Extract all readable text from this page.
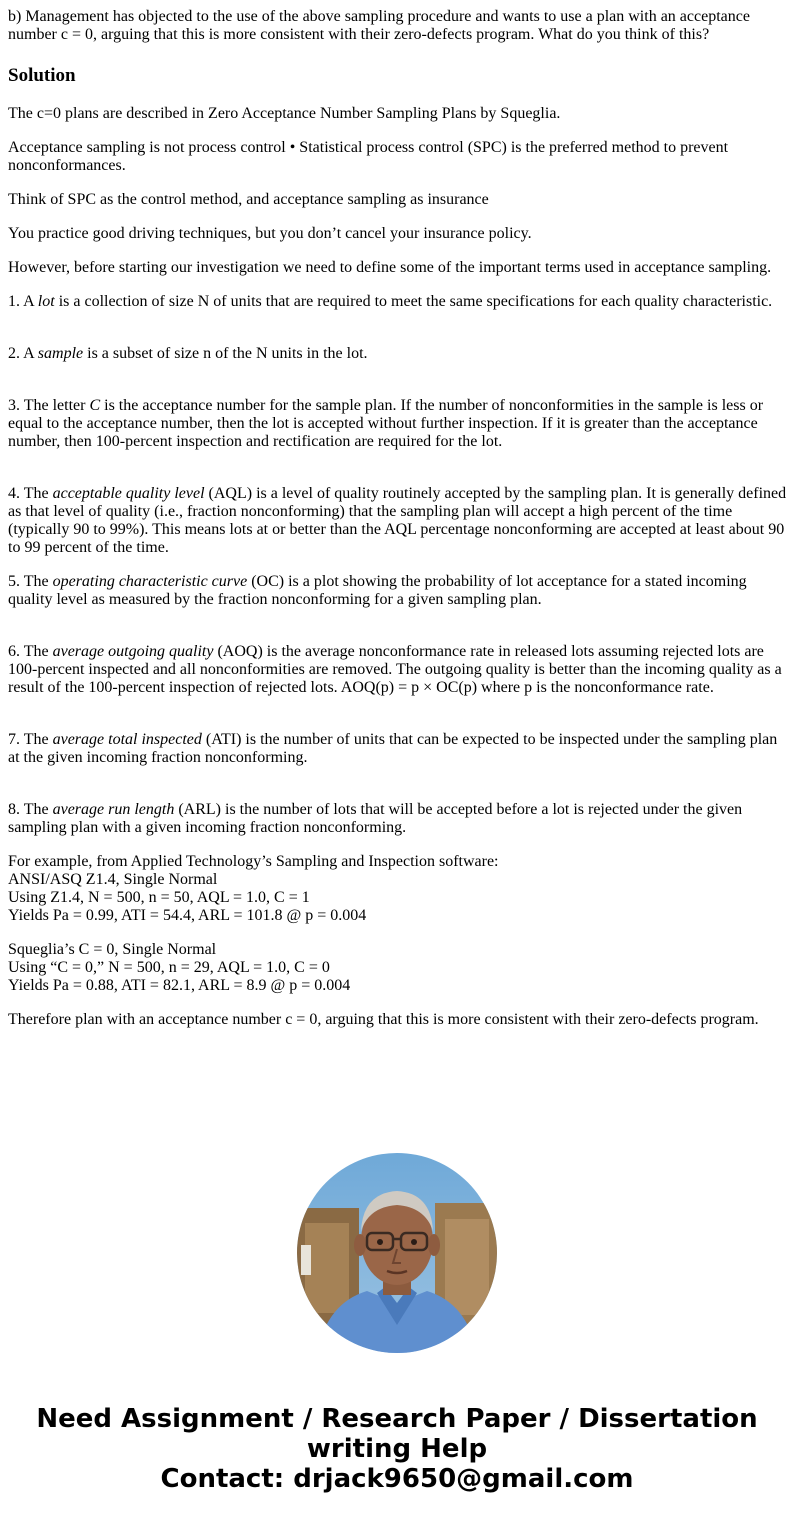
b) Management has objected to the use of the above sampling procedure and wants to use a plan with an acceptance number c = 0, arguing that this is more consistent with their zero-defects program. What do you think of this?

Solution

The c=0 plans are described in Zero Acceptance Number Sampling Plans by Squeglia.

Acceptance sampling is not process control • Statistical process control (SPC) is the preferred method to prevent nonconformances.

Think of SPC as the control method, and acceptance sampling as insurance

You practice good driving techniques, but you don’t cancel your insurance policy.

However, before starting our investigation we need to define some of the important terms used in acceptance sampling.

1. A lot is a collection of size N of units that are required to meet the same specifications for each quality characteristic.
2. A sample is a subset of size n of the N units in the lot.
3. The letter C is the acceptance number for the sample plan. If the number of nonconformities in the sample is less or equal to the acceptance number, then the lot is accepted without further inspection. If it is greater than the acceptance number, then 100-percent inspection and rectification are required for the lot.

4. The acceptable quality level (AQL) is a level of quality routinely accepted by the sampling plan. It is generally defined as that level of quality (i.e., fraction nonconforming) that the sampling plan will accept a high percent of the time (typically 90 to 99%). This means lots at or better than the AQL percentage nonconforming are accepted at least about 90 to 99 percent of the time.

5. The operating characteristic curve (OC) is a plot showing the probability of lot acceptance for a stated incoming quality level as measured by the fraction nonconforming for a given sampling plan.
6. The average outgoing quality (AOQ) is the average nonconformance rate in released lots assuming rejected lots are 100-percent inspected and all nonconformities are removed. The outgoing quality is better than the incoming quality as a result of the 100-percent inspection of rejected lots. AOQ(p) = p × OC(p) where p is the nonconformance rate.
7. The average total inspected (ATI) is the number of units that can be expected to be inspected under the sampling plan at the given incoming fraction nonconforming.

8. The average run length (ARL) is the number of lots that will be accepted before a lot is rejected under the given sampling plan with a given incoming fraction nonconforming.

For example, from Applied Technology’s Sampling and Inspection software:
ANSI/ASQ Z1.4, Single Normal
Using Z1.4, N = 500, n = 50, AQL = 1.0, C = 1
Yields Pa = 0.99, ATI = 54.4, ARL = 101.8 @ p = 0.004

Squeglia’s C = 0, Single Normal
Using “C = 0,” N = 500, n = 29, AQL = 1.0, C = 0
Yields Pa = 0.88, ATI = 82.1, ARL = 8.9 @ p = 0.004

Therefore plan with an acceptance number c = 0, arguing that this is more consistent with their zero-defects program.

Need Assignment / Research Paper / Dissertation
writing Help
Contact: drjack9650@gmail.com
